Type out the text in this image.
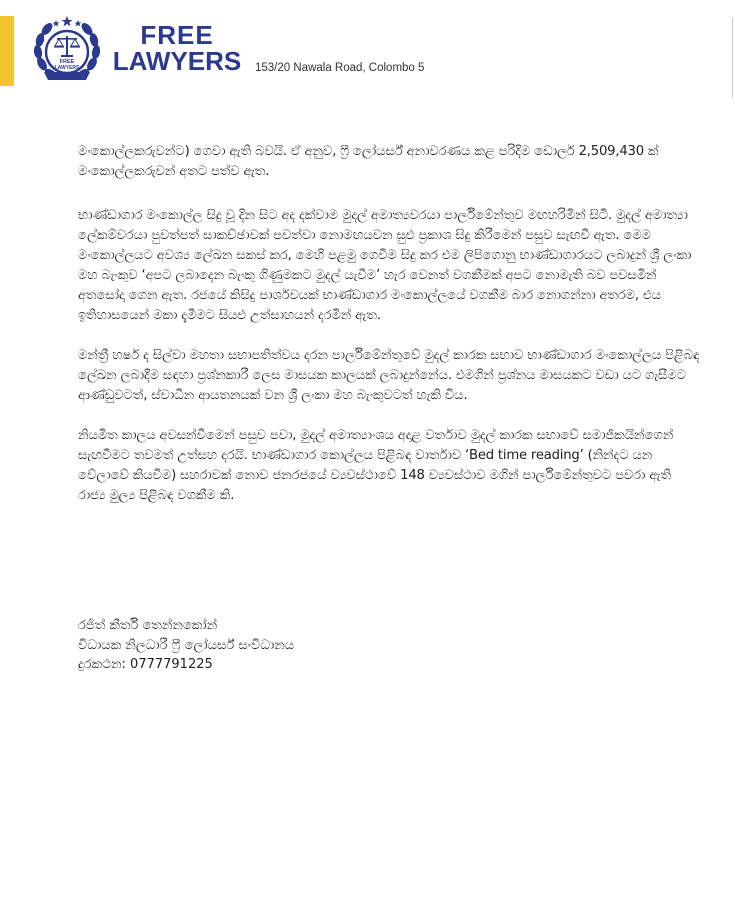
FREE
LAWYERS
FREE
LAWYERS 153/20 Nawala Road, Colombo 5

මංකොල්ලකරුවන්ට) ගෙවා ඇති බවයි. ඒ අනුව, ෆ්‍රී ලෝයර්ස් අනාවරණය කළ පරිදිම ඩොලර් 2,509,430 ක් මංකොල්ලකරුවන් අතට පත්ව ඇත.

භාණ්ඩාගාර මංකොල්ල සිදු වූ දින සිට අද දක්වාම මුදල් අමාත්‍යවරයා පාර්ලිමේන්තුව මඟහරිමින් සිටී. මුදල් අමාත්‍යා ලේකම්වරයා පුවත්පත් සාකච්ඡාවක් පවත්වා නොමඟයවන සුළු ප්‍රකාශ සිදු කිරීමෙන් පසුව සැඟවී ඇත. මෙම මංකොල්ලයට අවශ්‍ය ලේඛන සකස් කර, මෙහි පළමු ගෙවීම සිදු කර එම ලිපිගොනු භාණ්ඩාගාරයට ලබාදුන් ශ්‍රී ලංකා මහ බැංකුව ‘අපට ලබාදෙන බැංකු ගිණුමකට මුදල් යැවීම’ හැර වෙනත් වගකීමක් අපට නොමැති බව පවසමින් අතසෝදා ගෙන ඇත. රජයේ කිසිදු පාර්ශවයක් භාණ්ඩාගාර මංකොල්ලයේ වගකීම බාර නොගන්නා අතරම, එය ඉතිහාසයෙන් මකා දැමීමට සියළු උත්සාහයන් දරමින් ඇත.

මන්ත්‍රී හර්ෂ ද සිල්වා මහතා සභාපතිත්වය දරන පාර්ලිමේන්තුවේ මුදල් කාරක සභාව භාණ්ඩාගාර මංකොල්ලය පිළිබඳ ලේඛන ලබාදීම සඳහා ප්‍රශ්නකාරී ලෙස මාසයක කාලයක් ලබාදුන්නේය. එමගින් ප්‍රශ්නය මාසයකට වඩා යට ගැසීමට ආණ්ඩුවටත්, ස්වාධීන ආයතනයක් වන ශ්‍රී ලංකා මහ බැංකුවටත් හැකි විය.

නියමිත කාලය අවසන්වීමෙන් පසුව පවා, මුදල් අමාත්‍යාංශය අදාළ වර්තාව මුදල් කාරක සභාවේ සමාජිකයින්ගෙන් සැඟවීමට තවමත් උත්සහ දරයි. භාණ්ඩාගාර කොල්ලය පිළිබඳ වාර්තාව ‘Bed time reading’ (නින්දට යන වේලාවේ කියවීම) සහරාවක් නොව ජනරජයේ ව්‍යවස්ථාවේ 148 ව්‍යවස්ථාව මගින් පාර්ලිමේන්තුවට පවරා ඇති රාජ්‍ය මුල්‍ය පිළිබඳ වගකීම කි.

රජිත් කීර්ති තෙන්නකෝන්
විධායක නිලධාරී ෆ්‍රී ලෝයර්ස් සංවිධානය
දුරකථන: 0777791225
